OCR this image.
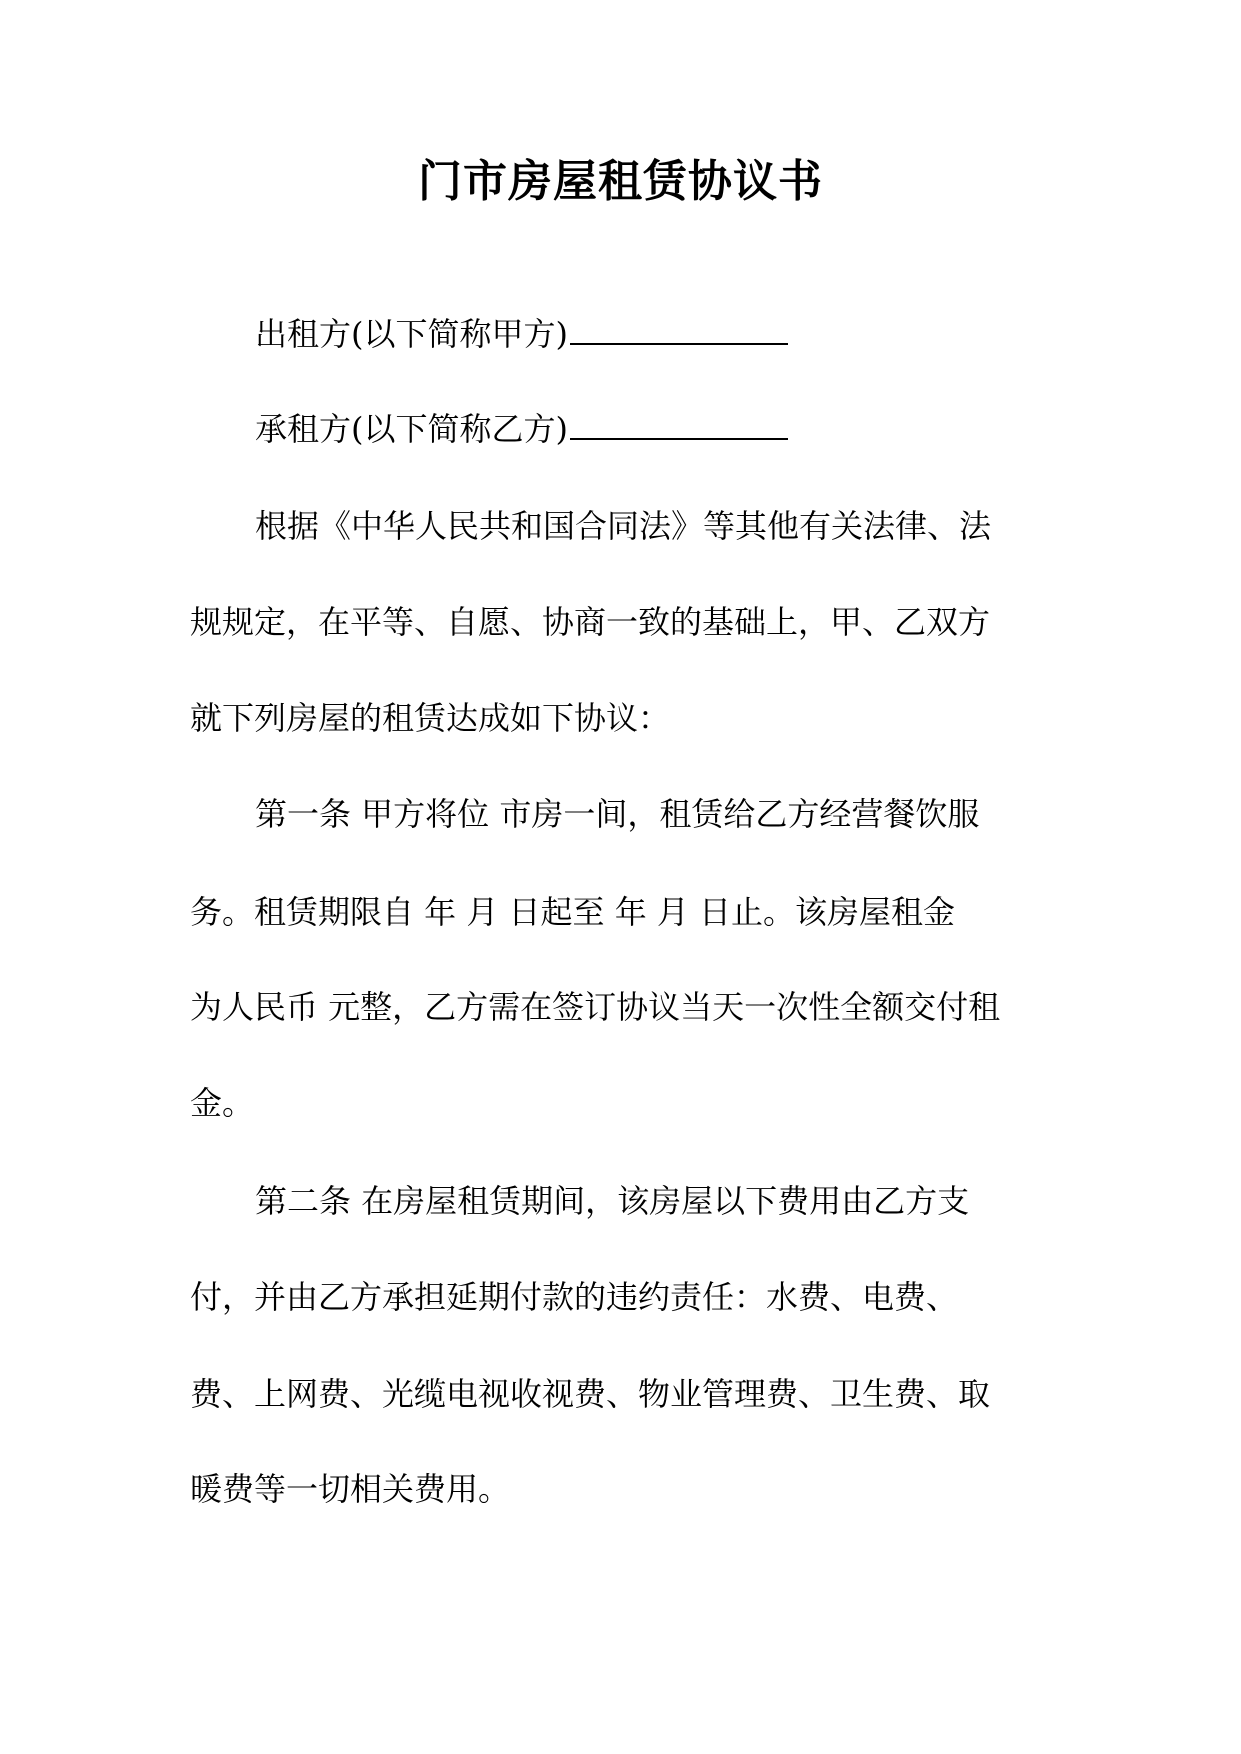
门市房屋租赁协议书
出租方(以下简称甲方)
承租方(以下简称乙方)
根据《中华人民共和国合同法》等其他有关法律、法
规规定，在平等、自愿、协商一致的基础上，甲、乙双方
就下列房屋的租赁达成如下协议：
第一条 甲方将位 市房一间，租赁给乙方经营餐饮服
务。租赁期限自 年 月 日起至 年 月 日止。该房屋租金
为人民币 元整，乙方需在签订协议当天一次性全额交付租
金。
第二条 在房屋租赁期间，该房屋以下费用由乙方支
付，并由乙方承担延期付款的违约责任：水费、电费、
费、上网费、光缆电视收视费、物业管理费、卫生费、取
暖费等一切相关费用。
